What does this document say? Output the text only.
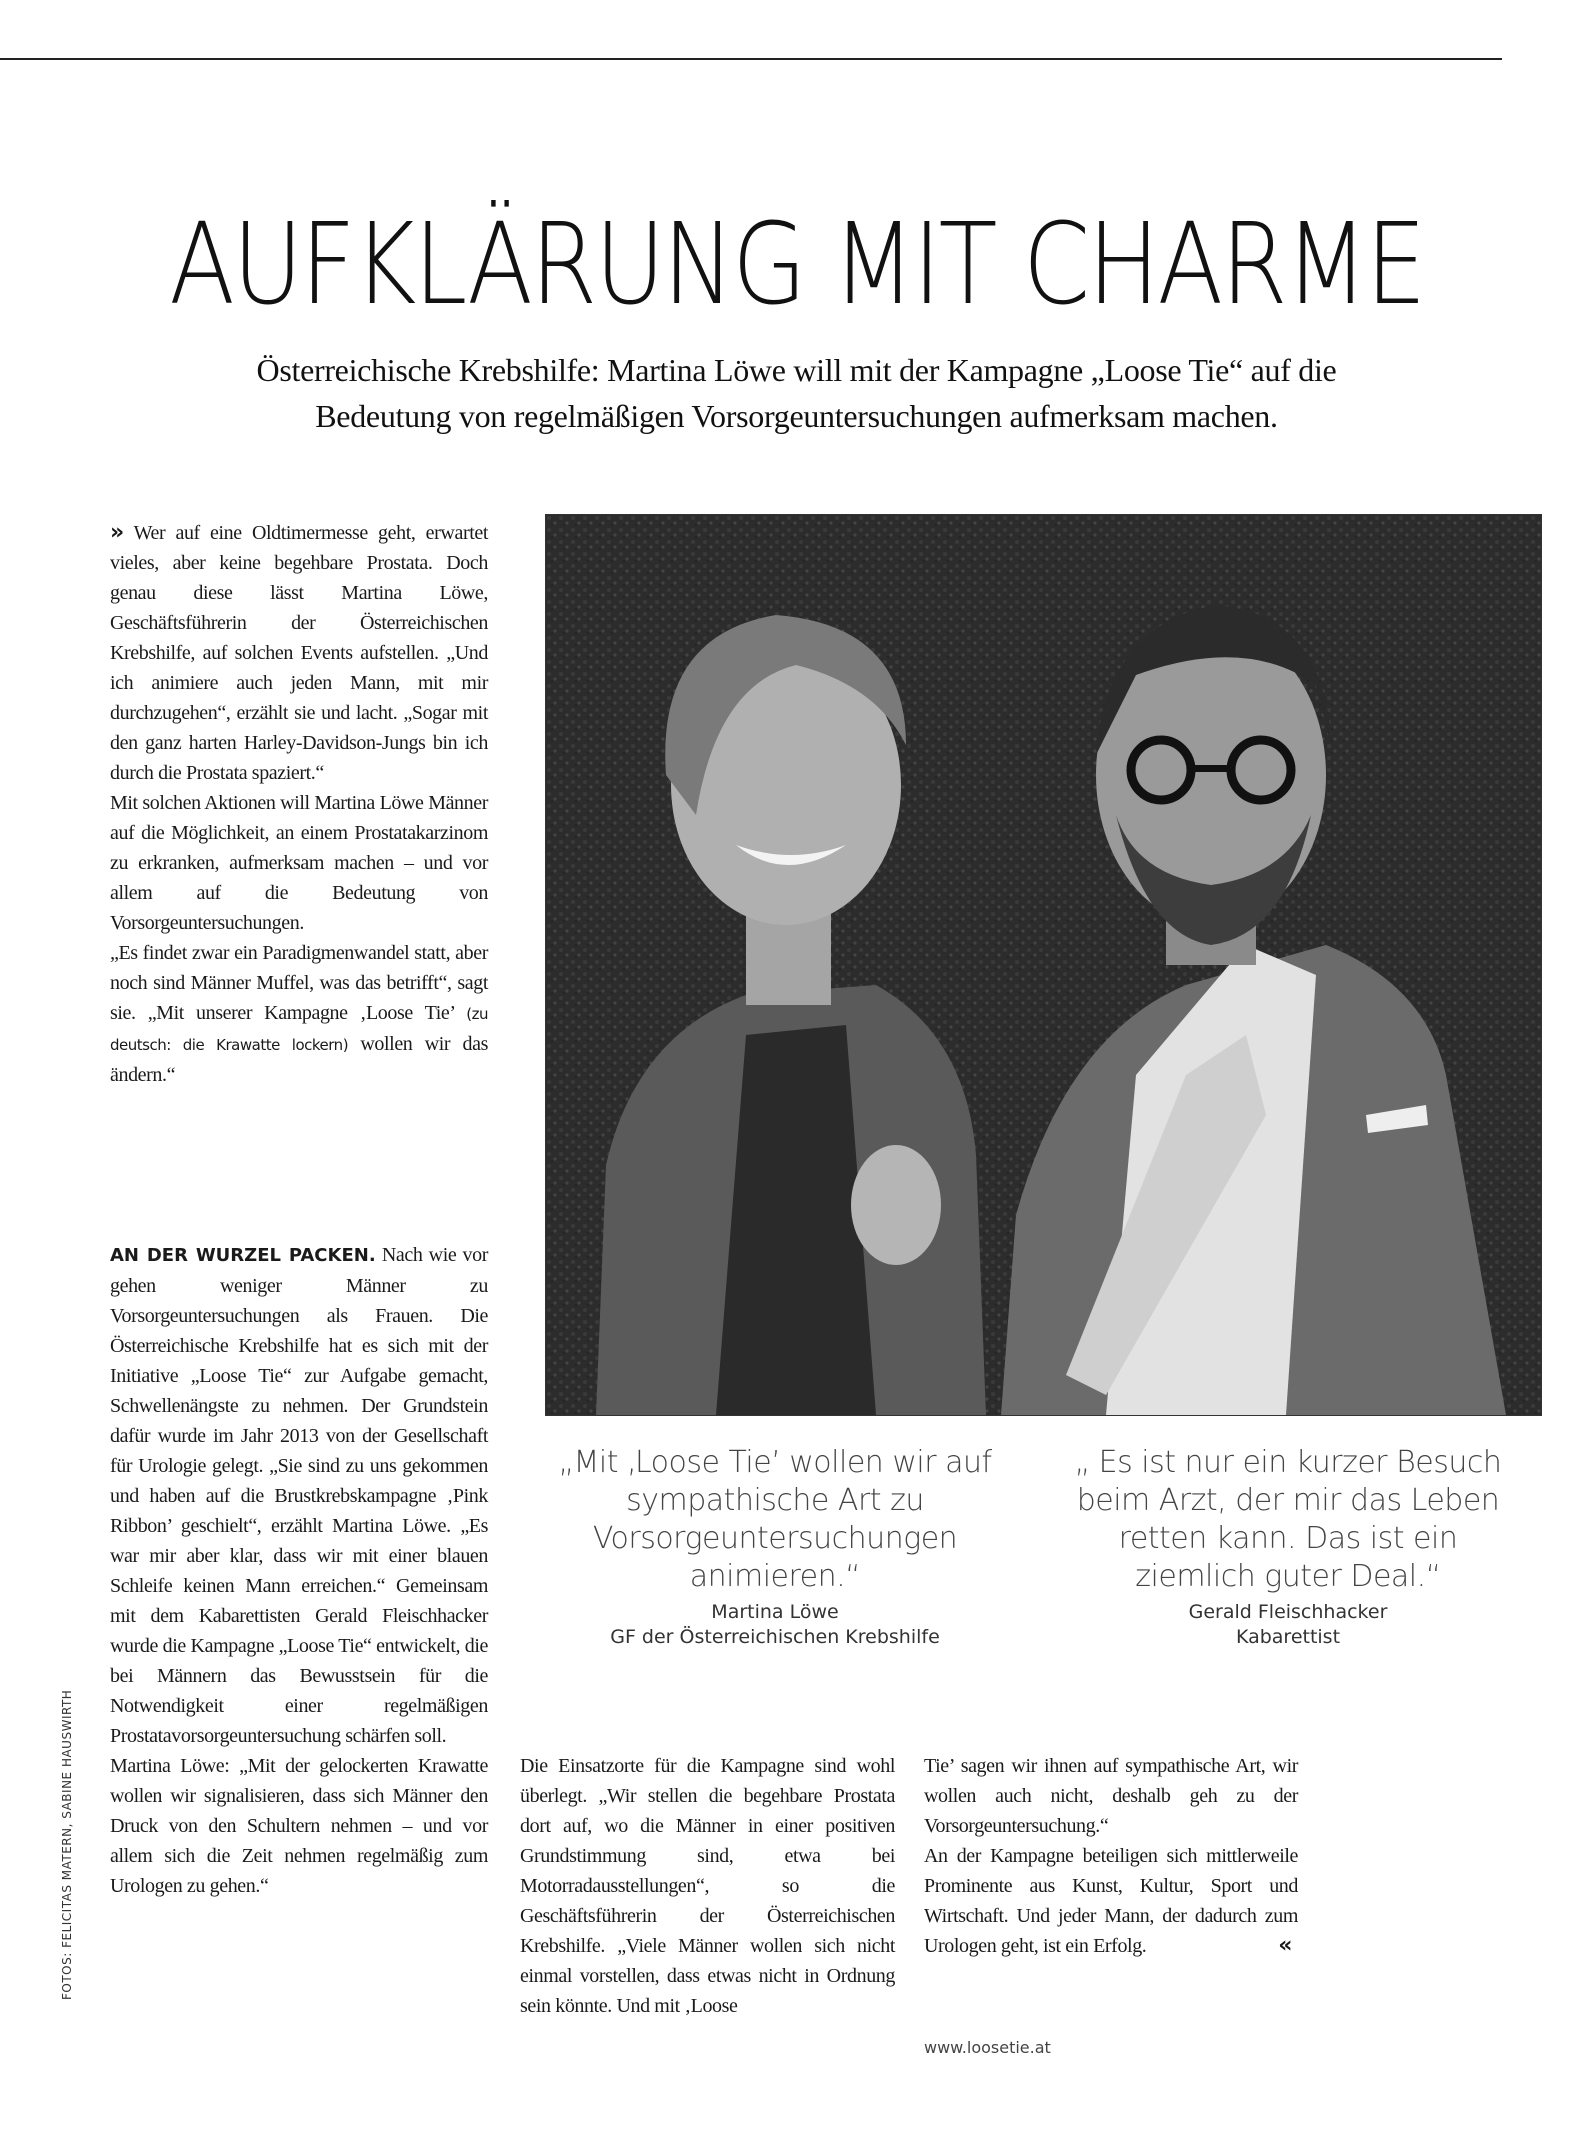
AUFKLÄRUNG MIT CHARME
Österreichische Krebshilfe: Martina Löwe will mit der Kampagne „Loose Tie“ auf die
Bedeutung von regelmäßigen Vorsorgeuntersuchungen aufmerksam machen.

» Wer auf eine Oldtimermesse geht, erwartet vieles, aber keine begehbare Prostata. Doch genau diese lässt Martina Löwe, Geschäftsführerin der Österreichischen Krebshilfe, auf solchen Events aufstellen. „Und ich animiere auch jeden Mann, mit mir durchzugehen“, erzählt sie und lacht. „Sogar mit den ganz harten Harley-Davidson-Jungs bin ich durch die Prostata spaziert.“

Mit solchen Aktionen will Martina Löwe Männer auf die Möglichkeit, an einem Prostatakarzinom zu erkranken, aufmerksam machen – und vor allem auf die Bedeutung von Vorsorgeuntersuchungen.

„Es findet zwar ein Paradigmenwandel statt, aber noch sind Männer Muffel, was das betrifft“, sagt sie. „Mit unserer Kampagne ‚Loose Tie’ (zu deutsch: die Krawatte lockern) wollen wir das ändern.“

AN DER WURZEL PACKEN. Nach wie vor gehen weniger Männer zu Vorsorgeuntersuchungen als Frauen. Die Österreichische Krebshilfe hat es sich mit der Initiative „Loose Tie“ zur Aufgabe gemacht, Schwellenängste zu nehmen. Der Grundstein dafür wurde im Jahr 2013 von der Gesellschaft für Urologie gelegt. „Sie sind zu uns gekommen und haben auf die Brustkrebskampagne ‚Pink Ribbon’ geschielt“, erzählt Martina Löwe. „Es war mir aber klar, dass wir mit einer blauen Schleife keinen Mann erreichen.“ Gemeinsam mit dem Kabarettisten Gerald Fleischhacker wurde die Kampagne „Loose Tie“ entwickelt, die bei Männern das Bewusstsein für die Notwendigkeit einer regelmäßigen Prostatavorsorgeuntersuchung schärfen soll.

Martina Löwe: „Mit der gelockerten Krawatte wollen wir signalisieren, dass sich Männer den Druck von den Schultern nehmen – und vor allem sich die Zeit nehmen regelmäßig zum Urologen zu gehen.“

„Mit ‚Loose Tie’ wollen wir auf sympathische Art zu Vorsorgeuntersuchungen animieren.“
Martina Löwe
GF der Österreichischen Krebshilfe
„ Es ist nur ein kurzer Besuch beim Arzt, der mir das Leben retten kann. Das ist ein ziemlich guter Deal.“
Gerald Fleischhacker
Kabarettist

Die Einsatzorte für die Kampagne sind wohl überlegt. „Wir stellen die begehbare Prostata dort auf, wo die Männer in einer positiven Grundstimmung sind, etwa bei Motorradausstellungen“, so die Geschäftsführerin der Österreichischen Krebshilfe. „Viele Männer wollen sich nicht einmal vorstellen, dass etwas nicht in Ordnung sein könnte. Und mit ‚Loose

Tie’ sagen wir ihnen auf sympathische Art, wir wollen auch nicht, deshalb geh zu der Vorsorgeuntersuchung.“

An der Kampagne beteiligen sich mittlerweile Prominente aus Kunst, Kultur, Sport und Wirtschaft. Und jeder Mann, der dadurch zum Urologen geht, ist ein Erfolg.	«

FOTOS: FELICITAS MATERN, SABINE HAUSWIRTH
www.loosetie.at
